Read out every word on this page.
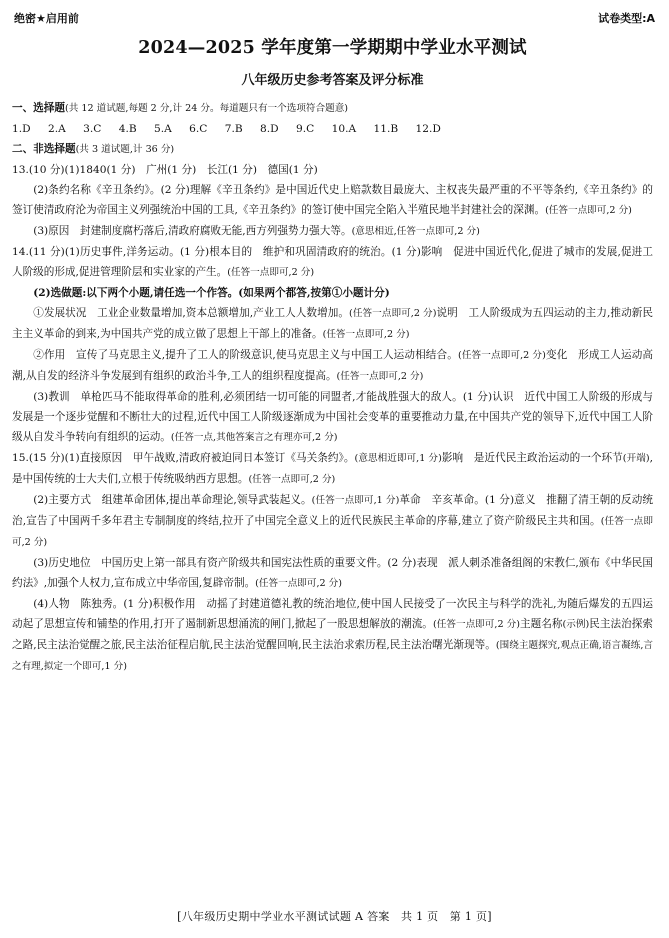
绝密★启用前	试卷类型:A
2024—2025 学年度第一学期期中学业水平测试
八年级历史参考答案及评分标准
一、选择题(共 12 道试题,每题 2 分,计 24 分。每道题只有一个选项符合题意)
1.D 2.A 3.C 4.B 5.A 6.C 7.B 8.D 9.C 10.A 11.B 12.D
二、非选择题(共 3 道试题,计 36 分)
13.(10 分)(1)1840(1 分)　广州(1 分)　长江(1 分)　德国(1 分)
(2)条约名称《辛丑条约》。(2 分)理解《辛丑条约》是中国近代史上赔款数目最庞大、主权丧失最严重的不平等条约,《辛丑条约》的签订使清政府沦为帝国主义列强统治中国的工具,《辛丑条约》的签订使中国完全陷入半殖民地半封建社会的深渊。(任答一点即可,2 分)
(3)原因　封建制度腐朽落后,清政府腐败无能,西方列强势力强大等。(意思相近,任答一点即可,2 分)
14.(11 分)(1)历史事件,洋务运动。(1 分)根本目的　维护和巩固清政府的统治。(1 分)影响　促进中国近代化,促进了城市的发展,促进工人阶级的形成,促进管理阶层和实业家的产生。(任答一点即可,2 分)
(2)选做题:以下两个小题,请任选一个作答。(如果两个都答,按第①小题计分)
①发展状况　工业企业数量增加,资本总额增加,产业工人人数增加。(任答一点即可,2 分)说明　工人阶级成为五四运动的主力,推动新民主主义革命的到来,为中国共产党的成立做了思想上干部上的准备。(任答一点即可,2 分)
②作用　宣传了马克思主义,提升了工人的阶级意识,使马克思主义与中国工人运动相结合。(任答一点即可,2 分)变化　形成工人运动高潮,从自发的经济斗争发展到有组织的政治斗争,工人的组织程度提高。(任答一点即可,2 分)
(3)教训　单枪匹马不能取得革命的胜利,必须团结一切可能的同盟者,才能战胜强大的敌人。(1 分)认识　近代中国工人阶级的形成与发展是一个逐步觉醒和不断壮大的过程,近代中国工人阶级逐渐成为中国社会变革的重要推动力量,在中国共产党的领导下,近代中国工人阶级从自发斗争转向有组织的运动。(任答一点,其他答案言之有理亦可,2 分)
15.(15 分)(1)直接原因　甲午战败,清政府被迫同日本签订《马关条约》。(意思相近即可,1 分)影响　是近代民主政治运动的一个环节(开端),是中国传统的士大夫们,立根于传统吸纳西方思想。(任答一点即可,2 分)
(2)主要方式　组建革命团体,提出革命理论,领导武装起义。(任答一点即可,1 分)革命　辛亥革命。(1 分)意义　推翻了清王朝的反动统治,宣告了中国两千多年君主专制制度的终结,拉开了中国完全意义上的近代民族民主革命的序幕,建立了资产阶级民主共和国。(任答一点即可,2 分)
(3)历史地位　中国历史上第一部具有资产阶级共和国宪法性质的重要文件。(2 分)表现　派人刺杀准备组阁的宋教仁,颁布《中华民国约法》,加强个人权力,宣布成立中华帝国,复辟帝制。(任答一点即可,2 分)
(4)人物　陈独秀。(1 分)积极作用　动摇了封建道德礼教的统治地位,使中国人民接受了一次民主与科学的洗礼,为随后爆发的五四运动起了思想宣传和铺垫的作用,打开了遏制新思想涌流的闸门,掀起了一股思想解放的潮流。(任答一点即可,2 分)主题名称(示例)民主法治探索之路,民主法治觉醒之旅,民主法治征程启航,民主法治觉醒回响,民主法治求索历程,民主法治曙光渐现等。(围绕主题探究,观点正确,语言凝练,言之有理,拟定一个即可,1 分)
[八年级历史期中学业水平测试试题 A 答案　共 1 页　第 1 页]
